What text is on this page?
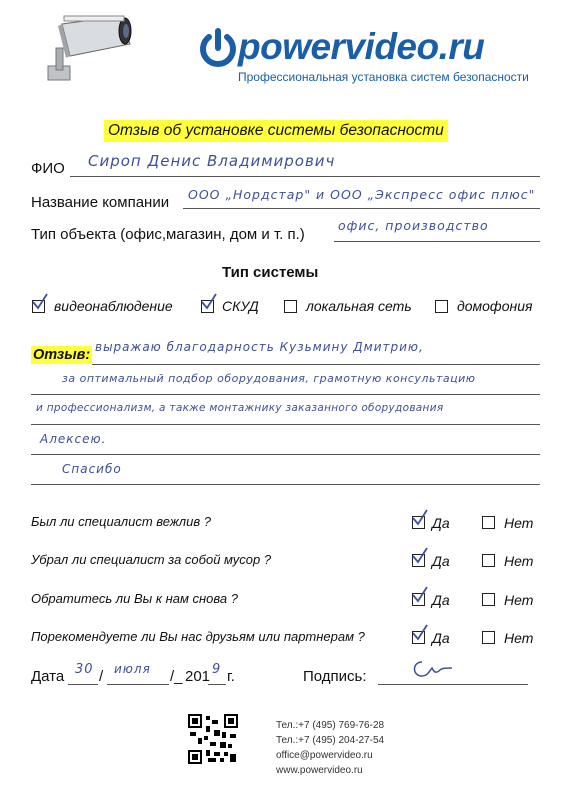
powervideo.ru
Профессиональная установка систем безопасности
Отзыв об установке системы безопасности
ФИО Сироп Денис Владимирович
Название компании ООО „Нордстар" и ООО „Экспресс офис плюс"
Тип объекта (офис,магазин, дом и т. п.)
офис, производство
Тип системы
видеонаблюдение	СКУД	локальная сеть	домофония
Отзыв: выражаю благодарность Кузьмину Дмитрию,
за оптимальный подбор оборудования, грамотную консультацию
и профессионализм, а также монтажнику заказанного оборудования
Алексею.
Спасибо
Был ли специалист вежлив ?	Да	Нет
Убрал ли специалист за собой мусор ?	Да	Нет
Обратитесь ли Вы к нам снова ?	Да	Нет
Порекомендуете ли Вы нас друзьям или партнерам ?	Да	Нет
Дата 30 / июля /_ 201 9 г.	Подпись:
Тел.:+7 (495) 769-76-28
Тел.:+7 (495) 204-27-54
office@powervideo.ru
www.powervideo.ru
